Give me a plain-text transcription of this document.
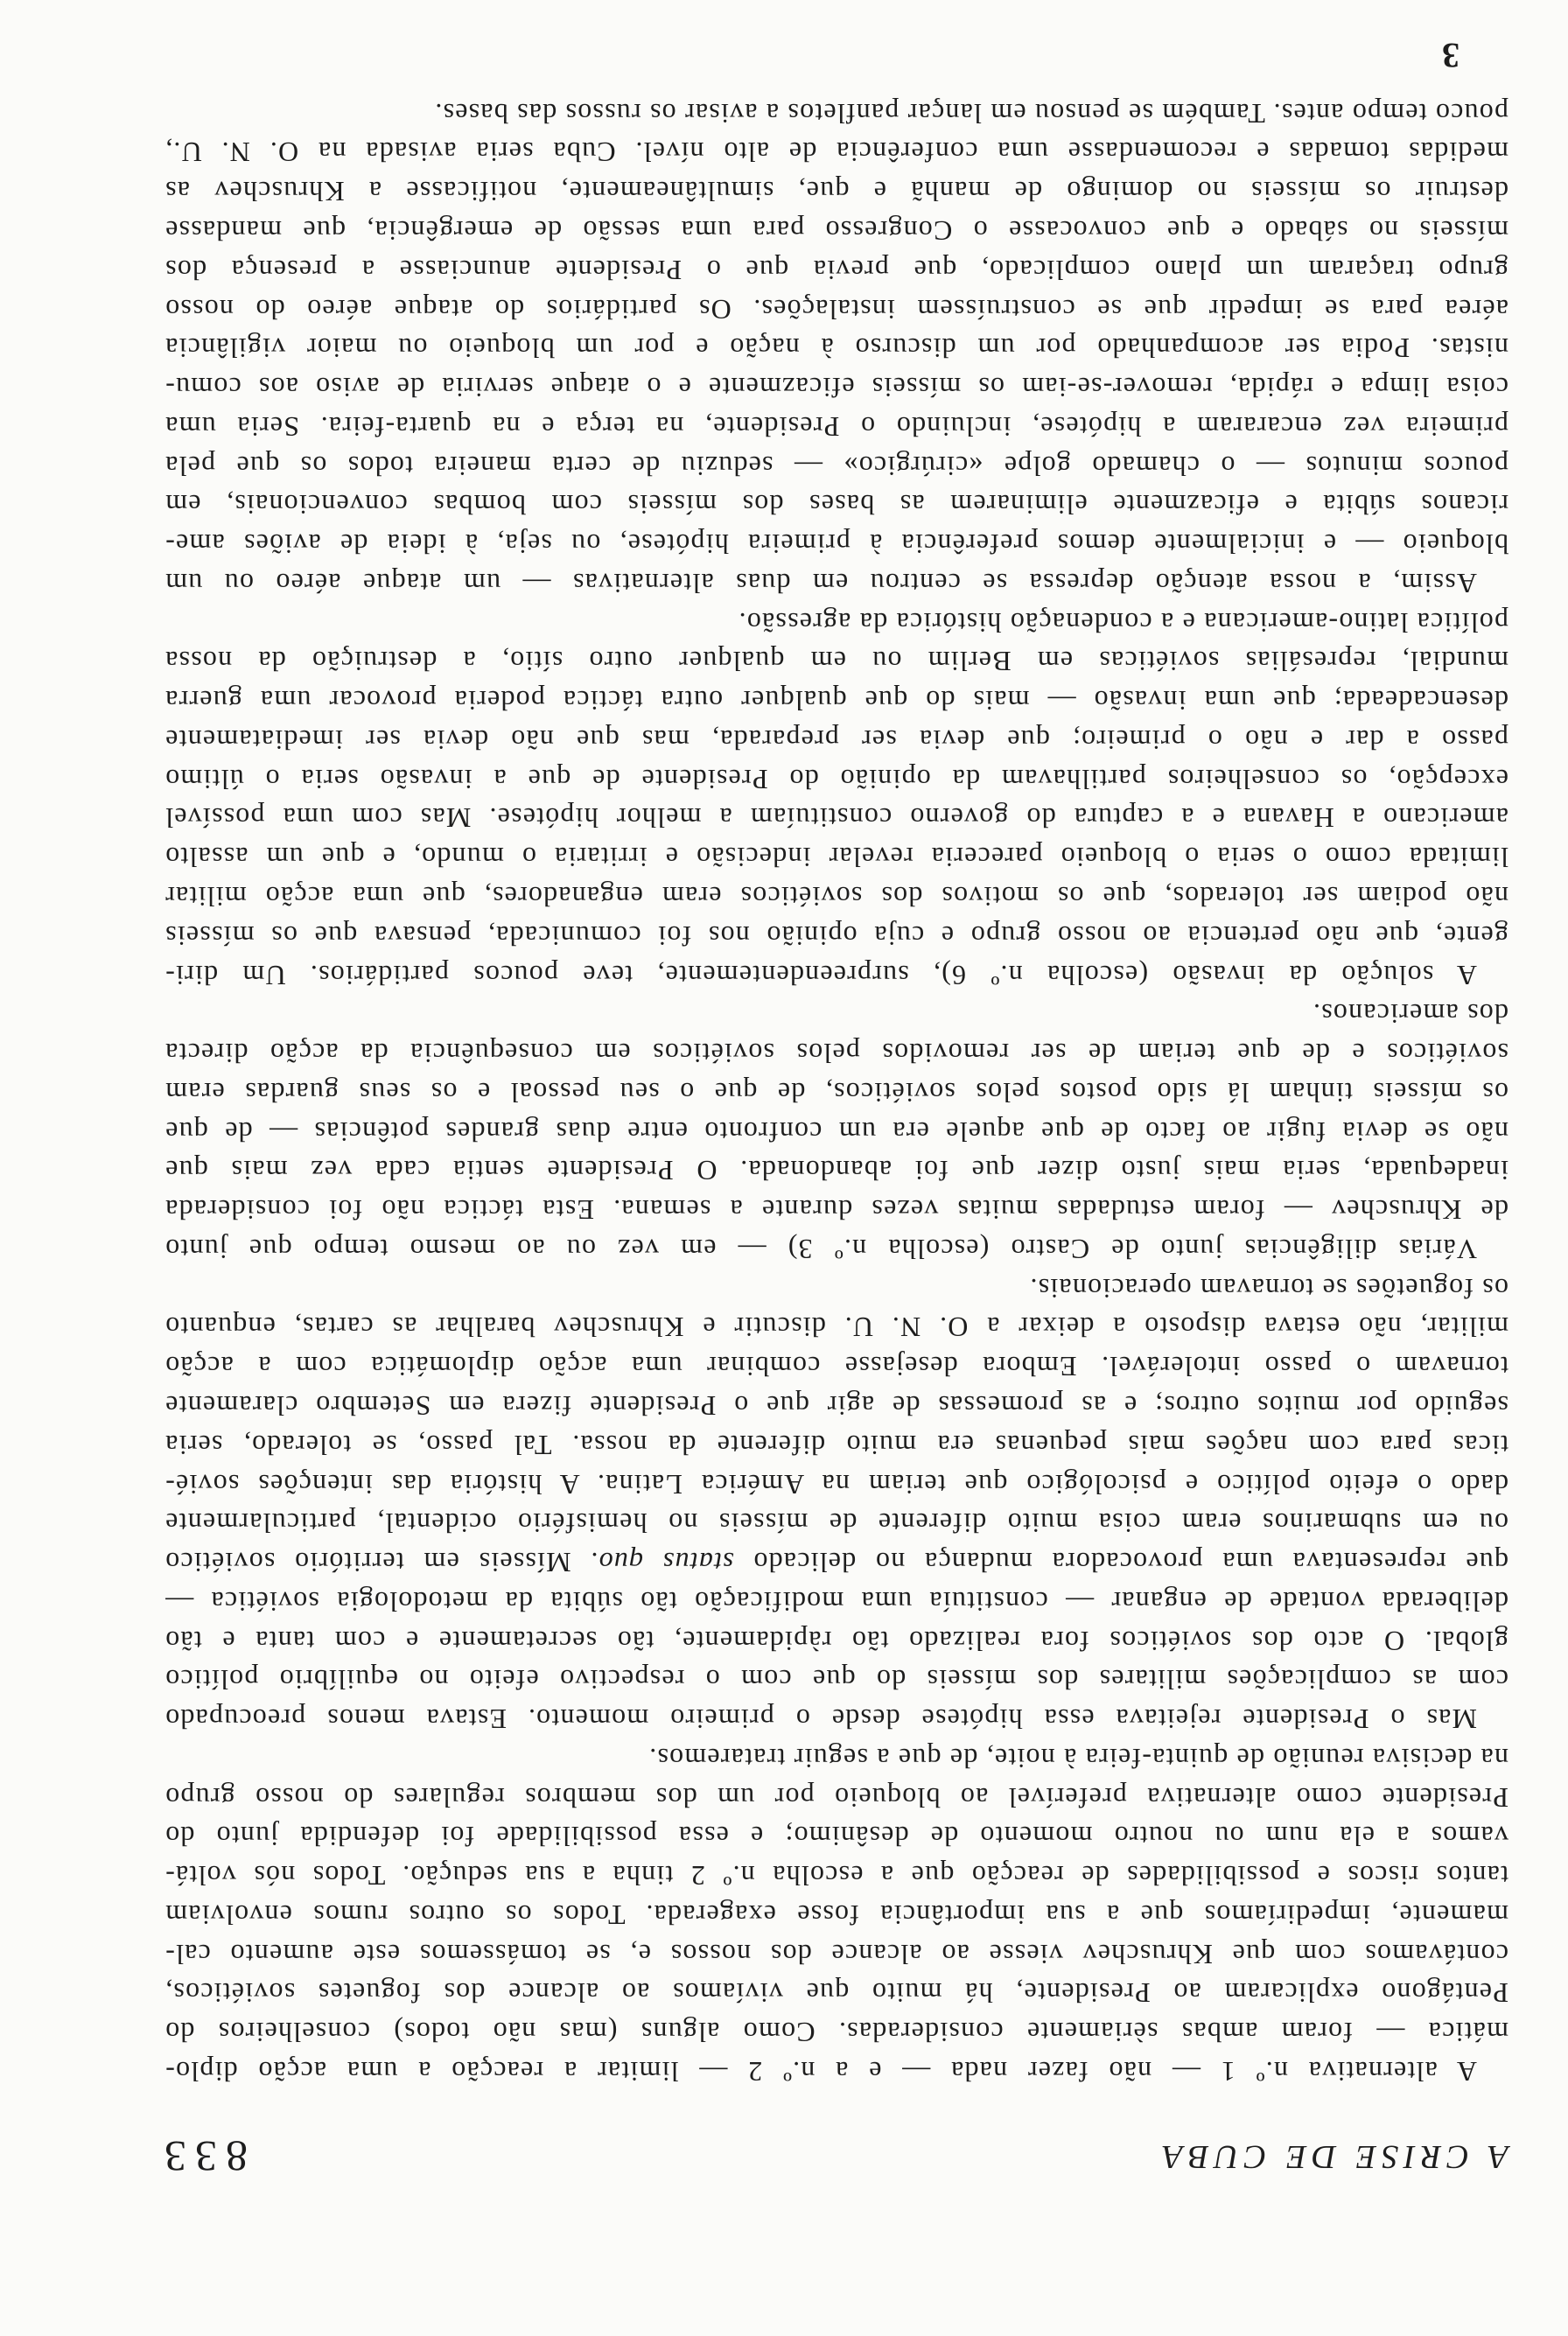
A CRISE DE CUBA
833
A alternativa n.º 1 — não fazer nada — e a n.º 2 — limitar a reacção a uma acção diplo-
mática — foram ambas sèriamente consideradas. Como alguns (mas não todos) conselheiros do
Pentágono explicaram ao Presidente, há muito que vivíamos ao alcance dos foguetes soviéticos,
contávamos com que Khruschev viesse ao alcance dos nossos e, se tomássemos este aumento cal-
mamente, impediríamos que a sua importância fosse exagerada. Todos os outros rumos envolviam
tantos riscos e possibilidades de reacção que a escolha n.º 2 tinha a sua sedução. Todos nós voltá-
vamos a ela num ou noutro momento de desânimo; e essa possibilidade foi defendida junto do
Presidente como alternativa preferível ao bloqueio por um dos membros regulares do nosso grupo
na decisiva reunião de quinta-feira à noite, de que a seguir trataremos.
Mas o Presidente rejeitava essa hipótese desde o primeiro momento. Estava menos preocupado
com as complicações militares dos mísseis do que com o respectivo efeito no equilíbrio político
global. O acto dos soviéticos fora realizado tão ràpidamente, tão secretamente e com tanta e tão
deliberada vontade de enganar — constituía uma modificação tão súbita da metodologia soviética —
que representava uma provocadora mudança no delicado status quo. Mísseis em território soviético
ou em submarinos eram coisa muito diferente de mísseis no hemisfério ocidental, particularmente
dado o efeito político e psicológico que teriam na América Latina. A história das intenções sovié-
ticas para com nações mais pequenas era muito diferente da nossa. Tal passo, se tolerado, seria
seguido por muitos outros; e as promessas de agir que o Presidente fizera em Setembro claramente
tornavam o passo intolerável. Embora desejasse combinar uma acção diplomática com a acção
militar, não estava disposto a deixar a O. N. U. discutir e Khruschev baralhar as cartas, enquanto
os foguetões se tornavam operacionais.
Várias diligências junto de Castro (escolha n.º 3) — em vez ou ao mesmo tempo que junto
de Khruschev — foram estudadas muitas vezes durante a semana. Esta táctica não foi considerada
inadequada, seria mais justo dizer que foi abandonada. O Presidente sentia cada vez mais que
não se devia fugir ao facto de que aquele era um confronto entre duas grandes potências — de que
os mísseis tinham lá sido postos pelos soviéticos, de que o seu pessoal e os seus guardas eram
soviéticos e de que teriam de ser removidos pelos soviéticos em consequência da acção directa
dos americanos.
A solução da invasão (escolha n.º 6), surpreendentemente, teve poucos partidários. Um diri-
gente, que não pertencia ao nosso grupo e cuja opinião nos foi comunicada, pensava que os mísseis
não podiam ser tolerados, que os motivos dos soviéticos eram enganadores, que uma acção militar
limitada como o seria o bloqueio pareceria revelar indecisão e irritaria o mundo, e que um assalto
americano a Havana e a captura do governo constituíam a melhor hipótese. Mas com uma possível
excepção, os conselheiros partilhavam da opinião do Presidente de que a invasão seria o último
passo a dar e não o primeiro; que devia ser preparada, mas que não devia ser imediatamente
desencadeada; que uma invasão — mais do que qualquer outra táctica poderia provocar uma guerra
mundial, represálias soviéticas em Berlim ou em qualquer outro sítio, a destruição da nossa
política latino-americana e a condenação histórica da agressão.
Assim, a nossa atenção depressa se centrou em duas alternativas — um ataque aéreo ou um
bloqueio — e inicialmente demos preferência à primeira hipótese, ou seja, à ideia de aviões ame-
ricanos súbita e eficazmente eliminarem as bases dos mísseis com bombas convencionais, em
poucos minutos — o chamado golpe «cirúrgico» — seduziu de certa maneira todos os que pela
primeira vez encararam a hipótese, incluindo o Presidente, na terça e na quarta-feira. Seria uma
coisa limpa e rápida, remover-se-iam os mísseis eficazmente e o ataque serviria de aviso aos comu-
nistas. Podia ser acompanhado por um discurso à nação e por um bloqueio ou maior vigilância
aérea para se impedir que se construíssem instalações. Os partidários do ataque aéreo do nosso
grupo traçaram um plano complicado, que previa que o Presidente anunciasse a presença dos
mísseis no sábado e que convocasse o Congresso para uma sessão de emergência, que mandasse
destruir os mísseis no domingo de manhã e que, simultâneamente, notificasse a Khruschev as
medidas tomadas e recomendasse uma conferência de alto nível. Cuba seria avisada na O. N. U.,
pouco tempo antes. Também se pensou em lançar panfletos a avisar os russos das bases.
3
